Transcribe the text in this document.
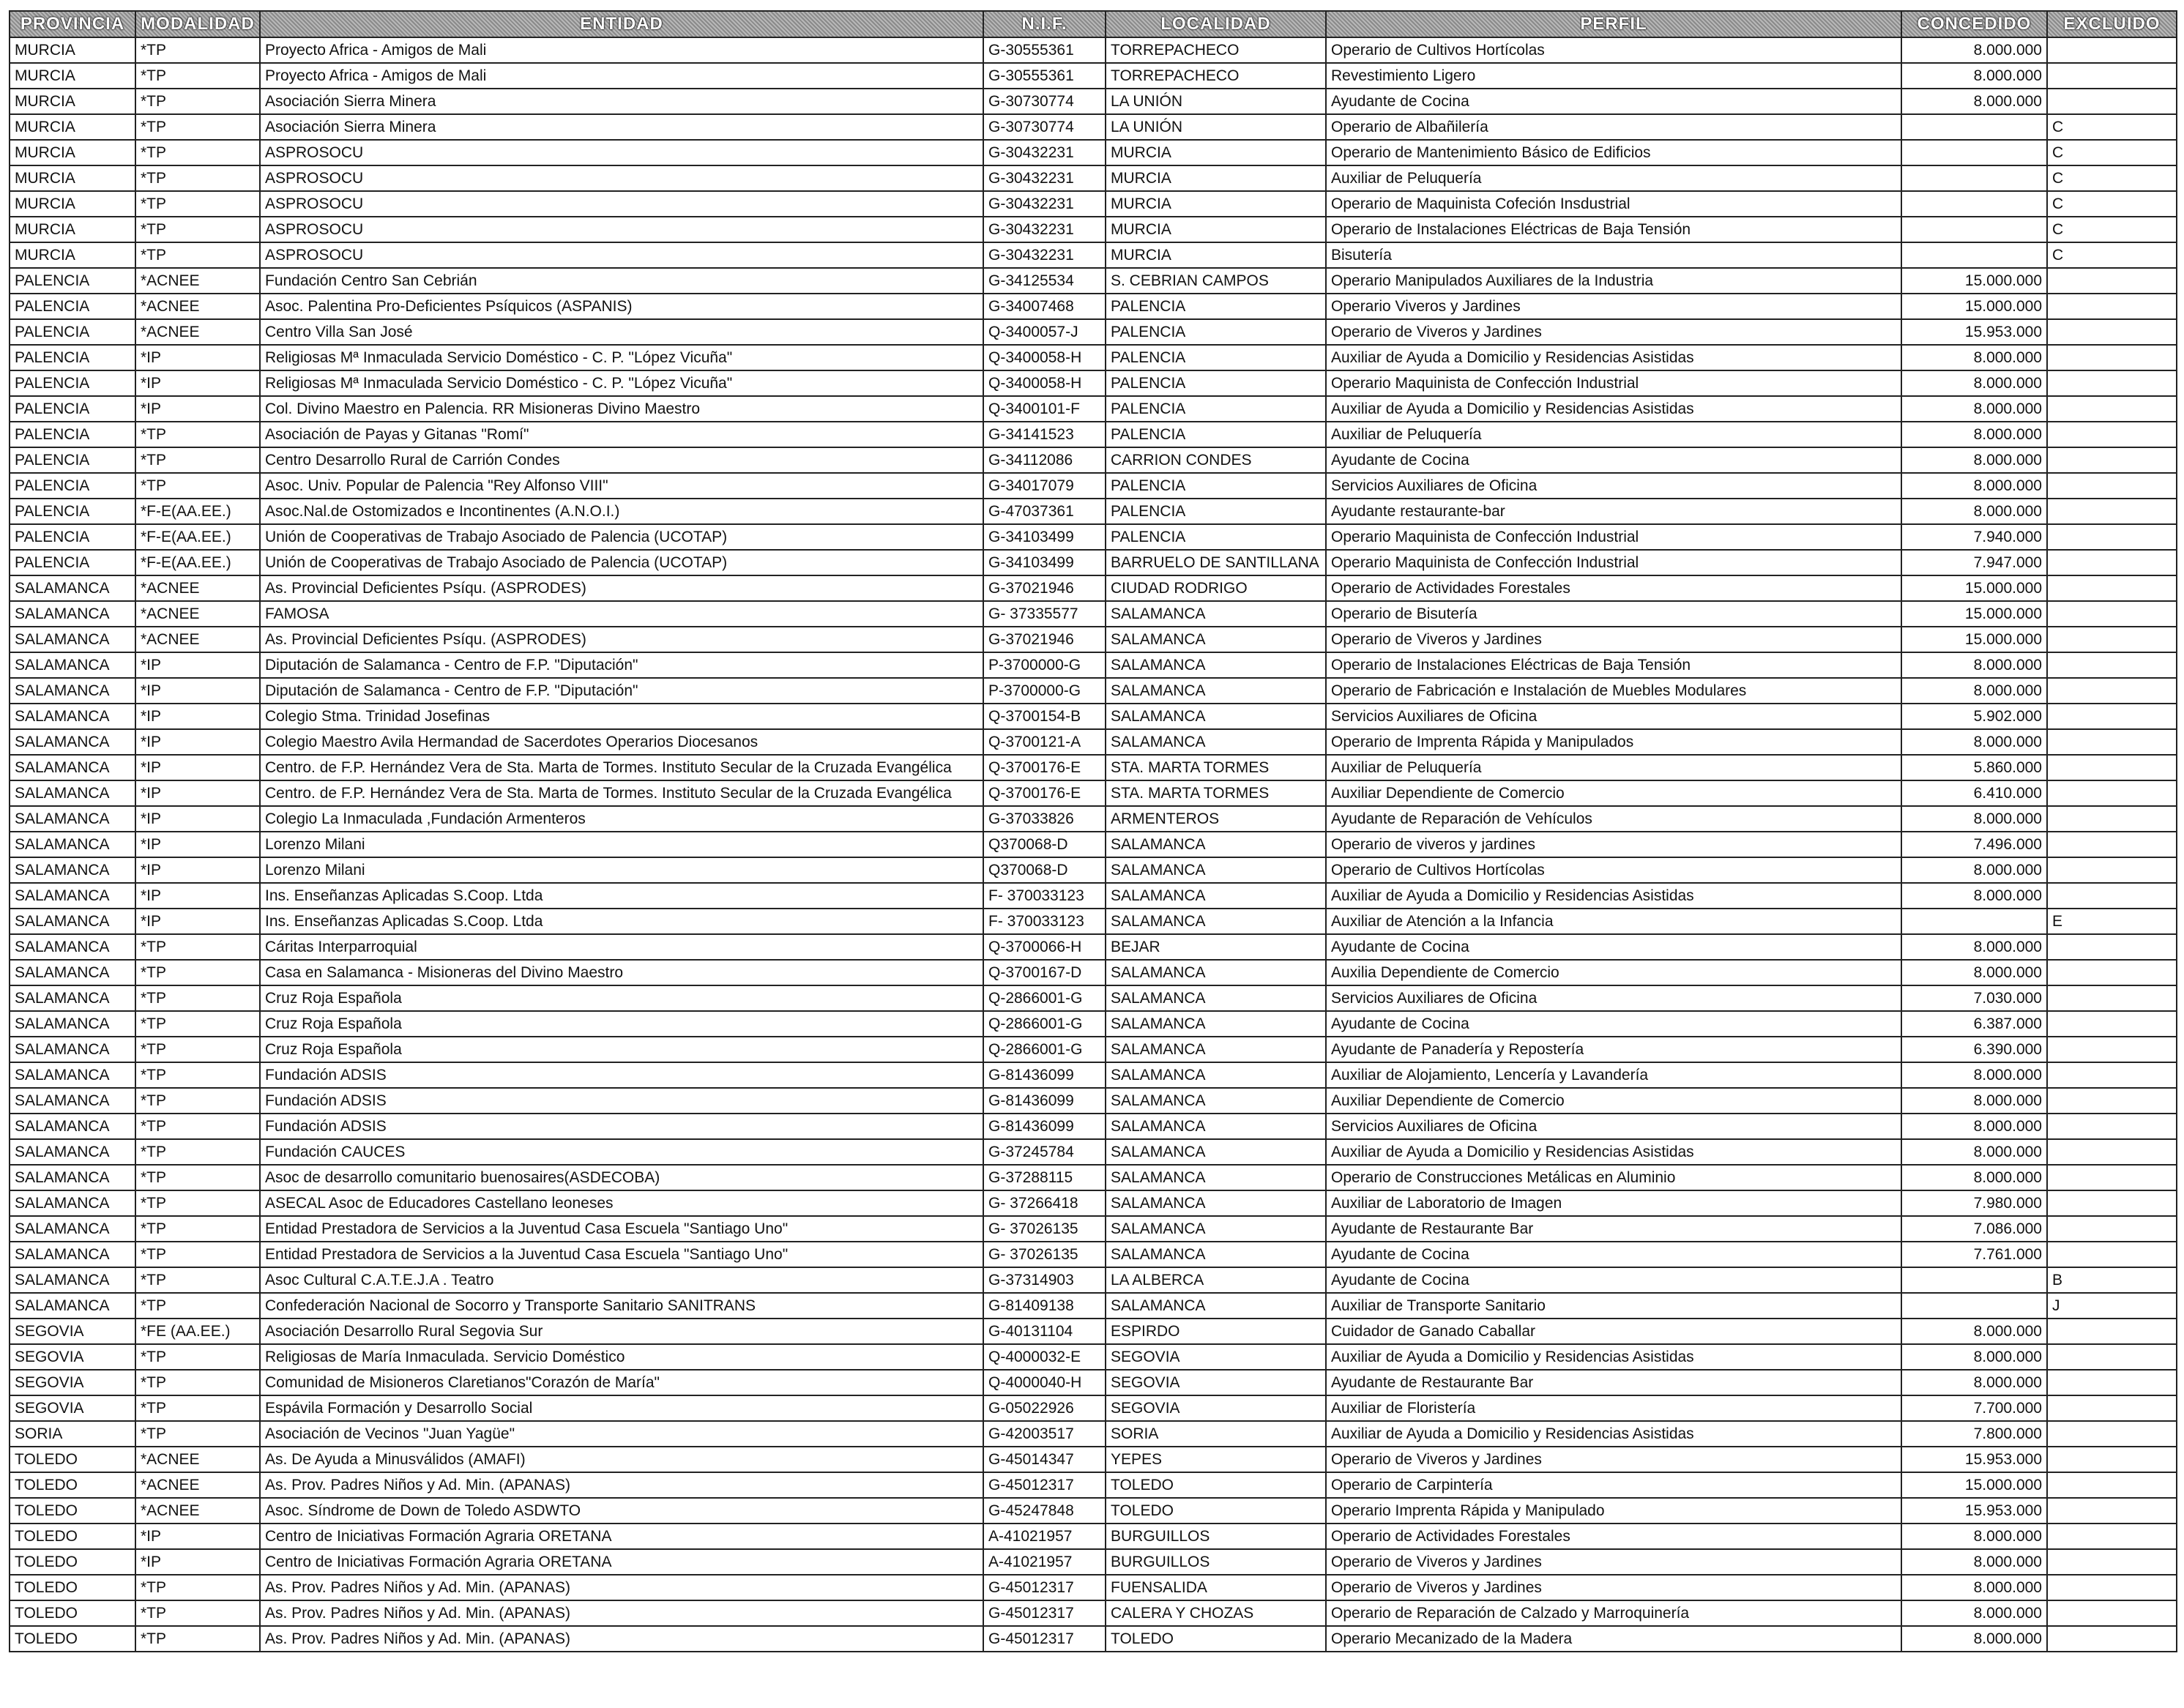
PROVINCIA	MODALIDAD	ENTIDAD	N.I.F.	LOCALIDAD	PERFIL	CONCEDIDO	EXCLUIDO
MURCIA	*TP	Proyecto Africa - Amigos de Mali	G-30555361	TORREPACHECO	Operario de Cultivos Hortícolas	8.000.000	
MURCIA	*TP	Proyecto Africa - Amigos de Mali	G-30555361	TORREPACHECO	Revestimiento Ligero	8.000.000	
MURCIA	*TP	Asociación Sierra Minera	G-30730774	LA UNIÓN	Ayudante de Cocina	8.000.000	
MURCIA	*TP	Asociación Sierra Minera	G-30730774	LA UNIÓN	Operario de Albañilería		C
MURCIA	*TP	ASPROSOCU	G-30432231	MURCIA	Operario de Mantenimiento Básico de Edificios		C
MURCIA	*TP	ASPROSOCU	G-30432231	MURCIA	Auxiliar de Peluquería		C
MURCIA	*TP	ASPROSOCU	G-30432231	MURCIA	Operario de Maquinista Cofeción Insdustrial		C
MURCIA	*TP	ASPROSOCU	G-30432231	MURCIA	Operario de Instalaciones Eléctricas de Baja Tensión		C
MURCIA	*TP	ASPROSOCU	G-30432231	MURCIA	Bisutería		C
PALENCIA	*ACNEE	Fundación Centro San Cebrián	G-34125534	S. CEBRIAN CAMPOS	Operario Manipulados Auxiliares de la Industria	15.000.000	
PALENCIA	*ACNEE	Asoc. Palentina Pro-Deficientes Psíquicos (ASPANIS)	G-34007468	PALENCIA	Operario Viveros y Jardines	15.000.000	
PALENCIA	*ACNEE	Centro Villa San José	Q-3400057-J	PALENCIA	Operario de Viveros y Jardines	15.953.000	
PALENCIA	*IP	Religiosas Mª Inmaculada Servicio Doméstico - C. P. "López Vicuña"	Q-3400058-H	PALENCIA	Auxiliar de Ayuda a Domicilio y Residencias Asistidas	8.000.000	
PALENCIA	*IP	Religiosas Mª Inmaculada Servicio Doméstico - C. P. "López Vicuña"	Q-3400058-H	PALENCIA	Operario Maquinista de Confección Industrial	8.000.000	
PALENCIA	*IP	Col. Divino Maestro en Palencia. RR Misioneras Divino Maestro	Q-3400101-F	PALENCIA	Auxiliar de Ayuda a Domicilio y Residencias Asistidas	8.000.000	
PALENCIA	*TP	Asociación de Payas y Gitanas "Romí"	G-34141523	PALENCIA	Auxiliar de Peluquería	8.000.000	
PALENCIA	*TP	Centro Desarrollo Rural de Carrión Condes	G-34112086	CARRION CONDES	Ayudante de Cocina	8.000.000	
PALENCIA	*TP	Asoc. Univ. Popular de Palencia "Rey Alfonso VIII"	G-34017079	PALENCIA	Servicios Auxiliares de Oficina	8.000.000	
PALENCIA	*F-E(AA.EE.)	Asoc.Nal.de Ostomizados e Incontinentes (A.N.O.I.)	G-47037361	PALENCIA	Ayudante restaurante-bar	8.000.000	
PALENCIA	*F-E(AA.EE.)	Unión de Cooperativas de Trabajo Asociado de Palencia (UCOTAP)	G-34103499	PALENCIA	Operario Maquinista de Confección Industrial	7.940.000	
PALENCIA	*F-E(AA.EE.)	Unión de Cooperativas de Trabajo Asociado de Palencia (UCOTAP)	G-34103499	BARRUELO DE SANTILLANA	Operario Maquinista de Confección Industrial	7.947.000	
SALAMANCA	*ACNEE	As. Provincial Deficientes Psíqu. (ASPRODES)	G-37021946	CIUDAD RODRIGO	Operario de Actividades Forestales	15.000.000	
SALAMANCA	*ACNEE	FAMOSA	G- 37335577	SALAMANCA	Operario de Bisutería	15.000.000	
SALAMANCA	*ACNEE	As. Provincial Deficientes Psíqu. (ASPRODES)	G-37021946	SALAMANCA	Operario de Viveros y Jardines	15.000.000	
SALAMANCA	*IP	Diputación de Salamanca - Centro de F.P. "Diputación"	P-3700000-G	SALAMANCA	Operario de Instalaciones Eléctricas de Baja Tensión	8.000.000	
SALAMANCA	*IP	Diputación de Salamanca - Centro de F.P. "Diputación"	P-3700000-G	SALAMANCA	Operario de Fabricación e Instalación de Muebles Modulares	8.000.000	
SALAMANCA	*IP	Colegio Stma. Trinidad Josefinas	Q-3700154-B	SALAMANCA	Servicios Auxiliares de Oficina	5.902.000	
SALAMANCA	*IP	Colegio Maestro Avila Hermandad de Sacerdotes Operarios Diocesanos	Q-3700121-A	SALAMANCA	Operario de Imprenta Rápida y Manipulados	8.000.000	
SALAMANCA	*IP	Centro. de F.P. Hernández Vera de Sta. Marta de Tormes. Instituto Secular de la Cruzada Evangélica	Q-3700176-E	STA. MARTA TORMES	Auxiliar de Peluquería	5.860.000	
SALAMANCA	*IP	Centro. de F.P. Hernández Vera de Sta. Marta de Tormes. Instituto Secular de la Cruzada Evangélica	Q-3700176-E	STA. MARTA TORMES	Auxiliar Dependiente de Comercio	6.410.000	
SALAMANCA	*IP	Colegio La Inmaculada ,Fundación Armenteros	G-37033826	ARMENTEROS	Ayudante de Reparación de Vehículos	8.000.000	
SALAMANCA	*IP	Lorenzo Milani	Q370068-D	SALAMANCA	Operario de viveros y jardines	7.496.000	
SALAMANCA	*IP	Lorenzo Milani	Q370068-D	SALAMANCA	Operario de Cultivos Hortícolas	8.000.000	
SALAMANCA	*IP	Ins. Enseñanzas Aplicadas S.Coop. Ltda	F- 370033123	SALAMANCA	Auxiliar de Ayuda a Domicilio y Residencias Asistidas	8.000.000	
SALAMANCA	*IP	Ins. Enseñanzas Aplicadas S.Coop. Ltda	F- 370033123	SALAMANCA	Auxiliar de Atención a la Infancia		E
SALAMANCA	*TP	Cáritas Interparroquial	Q-3700066-H	BEJAR	Ayudante de Cocina	8.000.000	
SALAMANCA	*TP	Casa en Salamanca - Misioneras del Divino Maestro	Q-3700167-D	SALAMANCA	Auxilia Dependiente de Comercio	8.000.000	
SALAMANCA	*TP	Cruz Roja Española	Q-2866001-G	SALAMANCA	Servicios Auxiliares de Oficina	7.030.000	
SALAMANCA	*TP	Cruz Roja Española	Q-2866001-G	SALAMANCA	Ayudante de Cocina	6.387.000	
SALAMANCA	*TP	Cruz Roja Española	Q-2866001-G	SALAMANCA	Ayudante de Panadería y Repostería	6.390.000	
SALAMANCA	*TP	Fundación ADSIS	G-81436099	SALAMANCA	Auxiliar de Alojamiento, Lencería y Lavandería	8.000.000	
SALAMANCA	*TP	Fundación ADSIS	G-81436099	SALAMANCA	Auxiliar Dependiente de Comercio	8.000.000	
SALAMANCA	*TP	Fundación ADSIS	G-81436099	SALAMANCA	Servicios Auxiliares de Oficina	8.000.000	
SALAMANCA	*TP	Fundación CAUCES	G-37245784	SALAMANCA	Auxiliar de Ayuda a Domicilio y Residencias Asistidas	8.000.000	
SALAMANCA	*TP	Asoc de desarrollo comunitario buenosaires(ASDECOBA)	G-37288115	SALAMANCA	Operario de Construcciones Metálicas en Aluminio	8.000.000	
SALAMANCA	*TP	ASECAL Asoc de Educadores Castellano leoneses	G- 37266418	SALAMANCA	Auxiliar de Laboratorio de Imagen	7.980.000	
SALAMANCA	*TP	Entidad Prestadora de Servicios a la Juventud Casa Escuela "Santiago Uno"	G- 37026135	SALAMANCA	Ayudante de Restaurante Bar	7.086.000	
SALAMANCA	*TP	Entidad Prestadora de Servicios a la Juventud Casa Escuela "Santiago Uno"	G- 37026135	SALAMANCA	Ayudante de Cocina	7.761.000	
SALAMANCA	*TP	Asoc Cultural C.A.T.E.J.A . Teatro	G-37314903	LA ALBERCA	Ayudante de Cocina		B
SALAMANCA	*TP	Confederación Nacional de Socorro y Transporte Sanitario SANITRANS	G-81409138	SALAMANCA	Auxiliar de Transporte Sanitario		J
SEGOVIA	*FE (AA.EE.)	Asociación Desarrollo Rural Segovia Sur	G-40131104	ESPIRDO	Cuidador de Ganado Caballar	8.000.000	
SEGOVIA	*TP	Religiosas de María Inmaculada. Servicio Doméstico	Q-4000032-E	SEGOVIA	Auxiliar de Ayuda a Domicilio y Residencias Asistidas	8.000.000	
SEGOVIA	*TP	Comunidad de Misioneros Claretianos"Corazón de María"	Q-4000040-H	SEGOVIA	Ayudante de Restaurante Bar	8.000.000	
SEGOVIA	*TP	Espávila Formación y Desarrollo Social	G-05022926	SEGOVIA	Auxiliar de Floristería	7.700.000	
SORIA	*TP	Asociación de Vecinos "Juan Yagüe"	G-42003517	SORIA	Auxiliar de Ayuda a Domicilio y Residencias Asistidas	7.800.000	
TOLEDO	*ACNEE	As. De Ayuda a Minusválidos (AMAFI)	G-45014347	YEPES	Operario de Viveros y Jardines	15.953.000	
TOLEDO	*ACNEE	As. Prov. Padres Niños y Ad. Min. (APANAS)	G-45012317	TOLEDO	Operario de Carpintería	15.000.000	
TOLEDO	*ACNEE	Asoc. Síndrome de Down de Toledo ASDWTO	G-45247848	TOLEDO	Operario Imprenta Rápida y Manipulado	15.953.000	
TOLEDO	*IP	Centro de Iniciativas Formación Agraria ORETANA	A-41021957	BURGUILLOS	Operario de Actividades Forestales	8.000.000	
TOLEDO	*IP	Centro de Iniciativas Formación Agraria ORETANA	A-41021957	BURGUILLOS	Operario de Viveros y Jardines	8.000.000	
TOLEDO	*TP	As. Prov. Padres Niños y Ad. Min. (APANAS)	G-45012317	FUENSALIDA	Operario de Viveros y Jardines	8.000.000	
TOLEDO	*TP	As. Prov. Padres Niños y Ad. Min. (APANAS)	G-45012317	CALERA Y CHOZAS	Operario de Reparación de Calzado y Marroquinería	8.000.000	
TOLEDO	*TP	As. Prov. Padres Niños y Ad. Min. (APANAS)	G-45012317	TOLEDO	Operario Mecanizado de la Madera	8.000.000	
